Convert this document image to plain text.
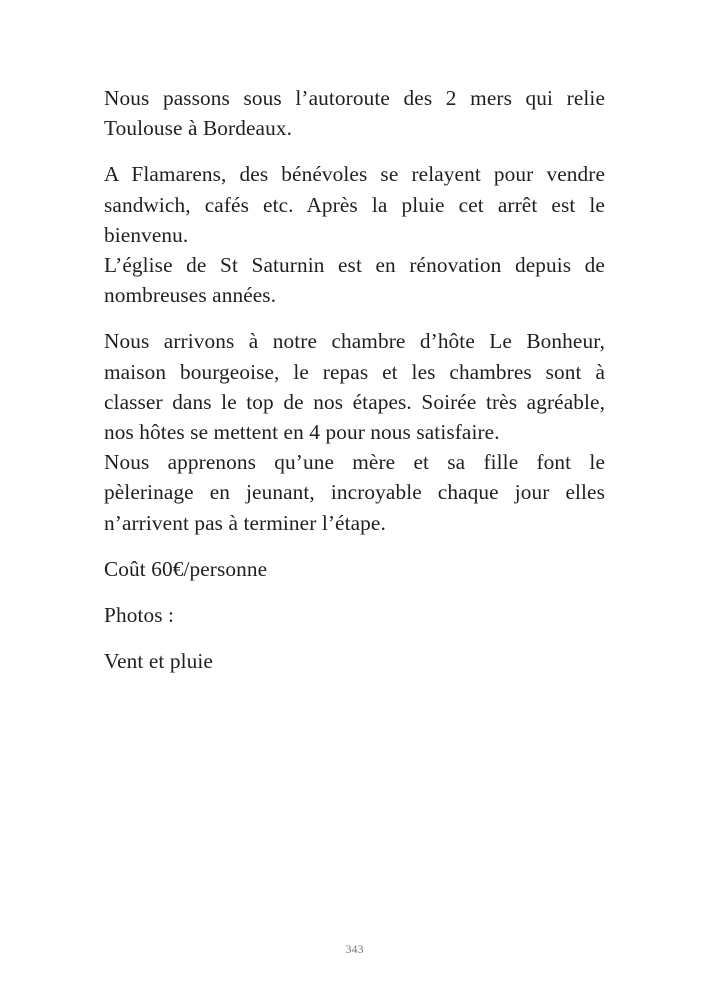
Nous passons sous l’autoroute des 2 mers qui relie
Toulouse à Bordeaux.

A Flamarens, des bénévoles se relayent pour vendre
sandwich, cafés etc. Après la pluie cet arrêt est le
bienvenu.
L’église de St Saturnin est en rénovation depuis de
nombreuses années.

Nous arrivons à notre chambre d’hôte Le Bonheur,
maison bourgeoise, le repas et les chambres sont à
classer dans le top de nos étapes. Soirée très agréable,
nos hôtes se mettent en 4 pour nous satisfaire.
Nous apprenons qu’une mère et sa fille font le
pèlerinage en jeunant, incroyable chaque jour elles
n’arrivent pas à terminer l’étape.

Coût 60€/personne

Photos :

Vent et pluie

343
